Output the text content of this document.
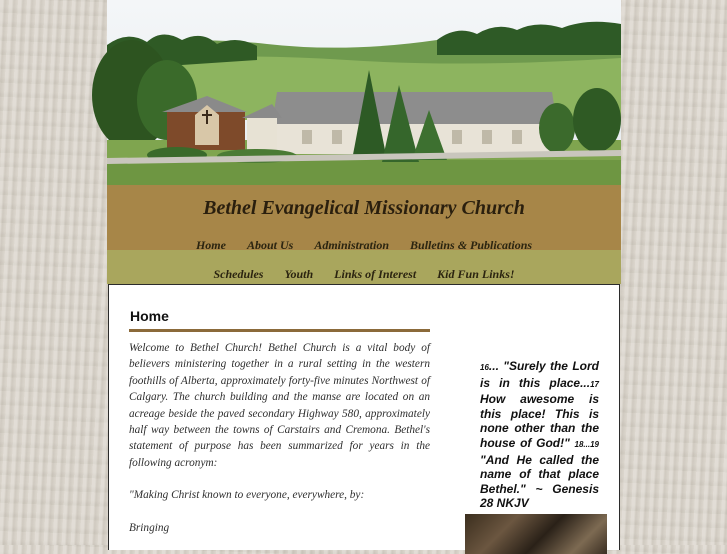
Bethel Evangelical Missionary Church
Home About Us Administration Bulletins & Publications
Schedules Youth Links of Interest Kid Fun Links!
Home

Welcome to Bethel Church! Bethel Church is a vital body of believers ministering together in a rural setting in the western foothills of Alberta, approximately forty-five minutes Northwest of Calgary. The church building and the manse are located on an acreage beside the paved secondary Highway 580, approximately half way between the towns of Carstairs and Cremona. Bethel's statement of purpose has been summarized for years in the following acronym:

"Making Christ known to everyone, everywhere, by:

Bringing

16... "Surely the Lord is in this place...17 How awesome is this place! This is none other than the house of God!" 18...19 "And He called the name of that place Bethel." ~ Genesis 28 NKJV
